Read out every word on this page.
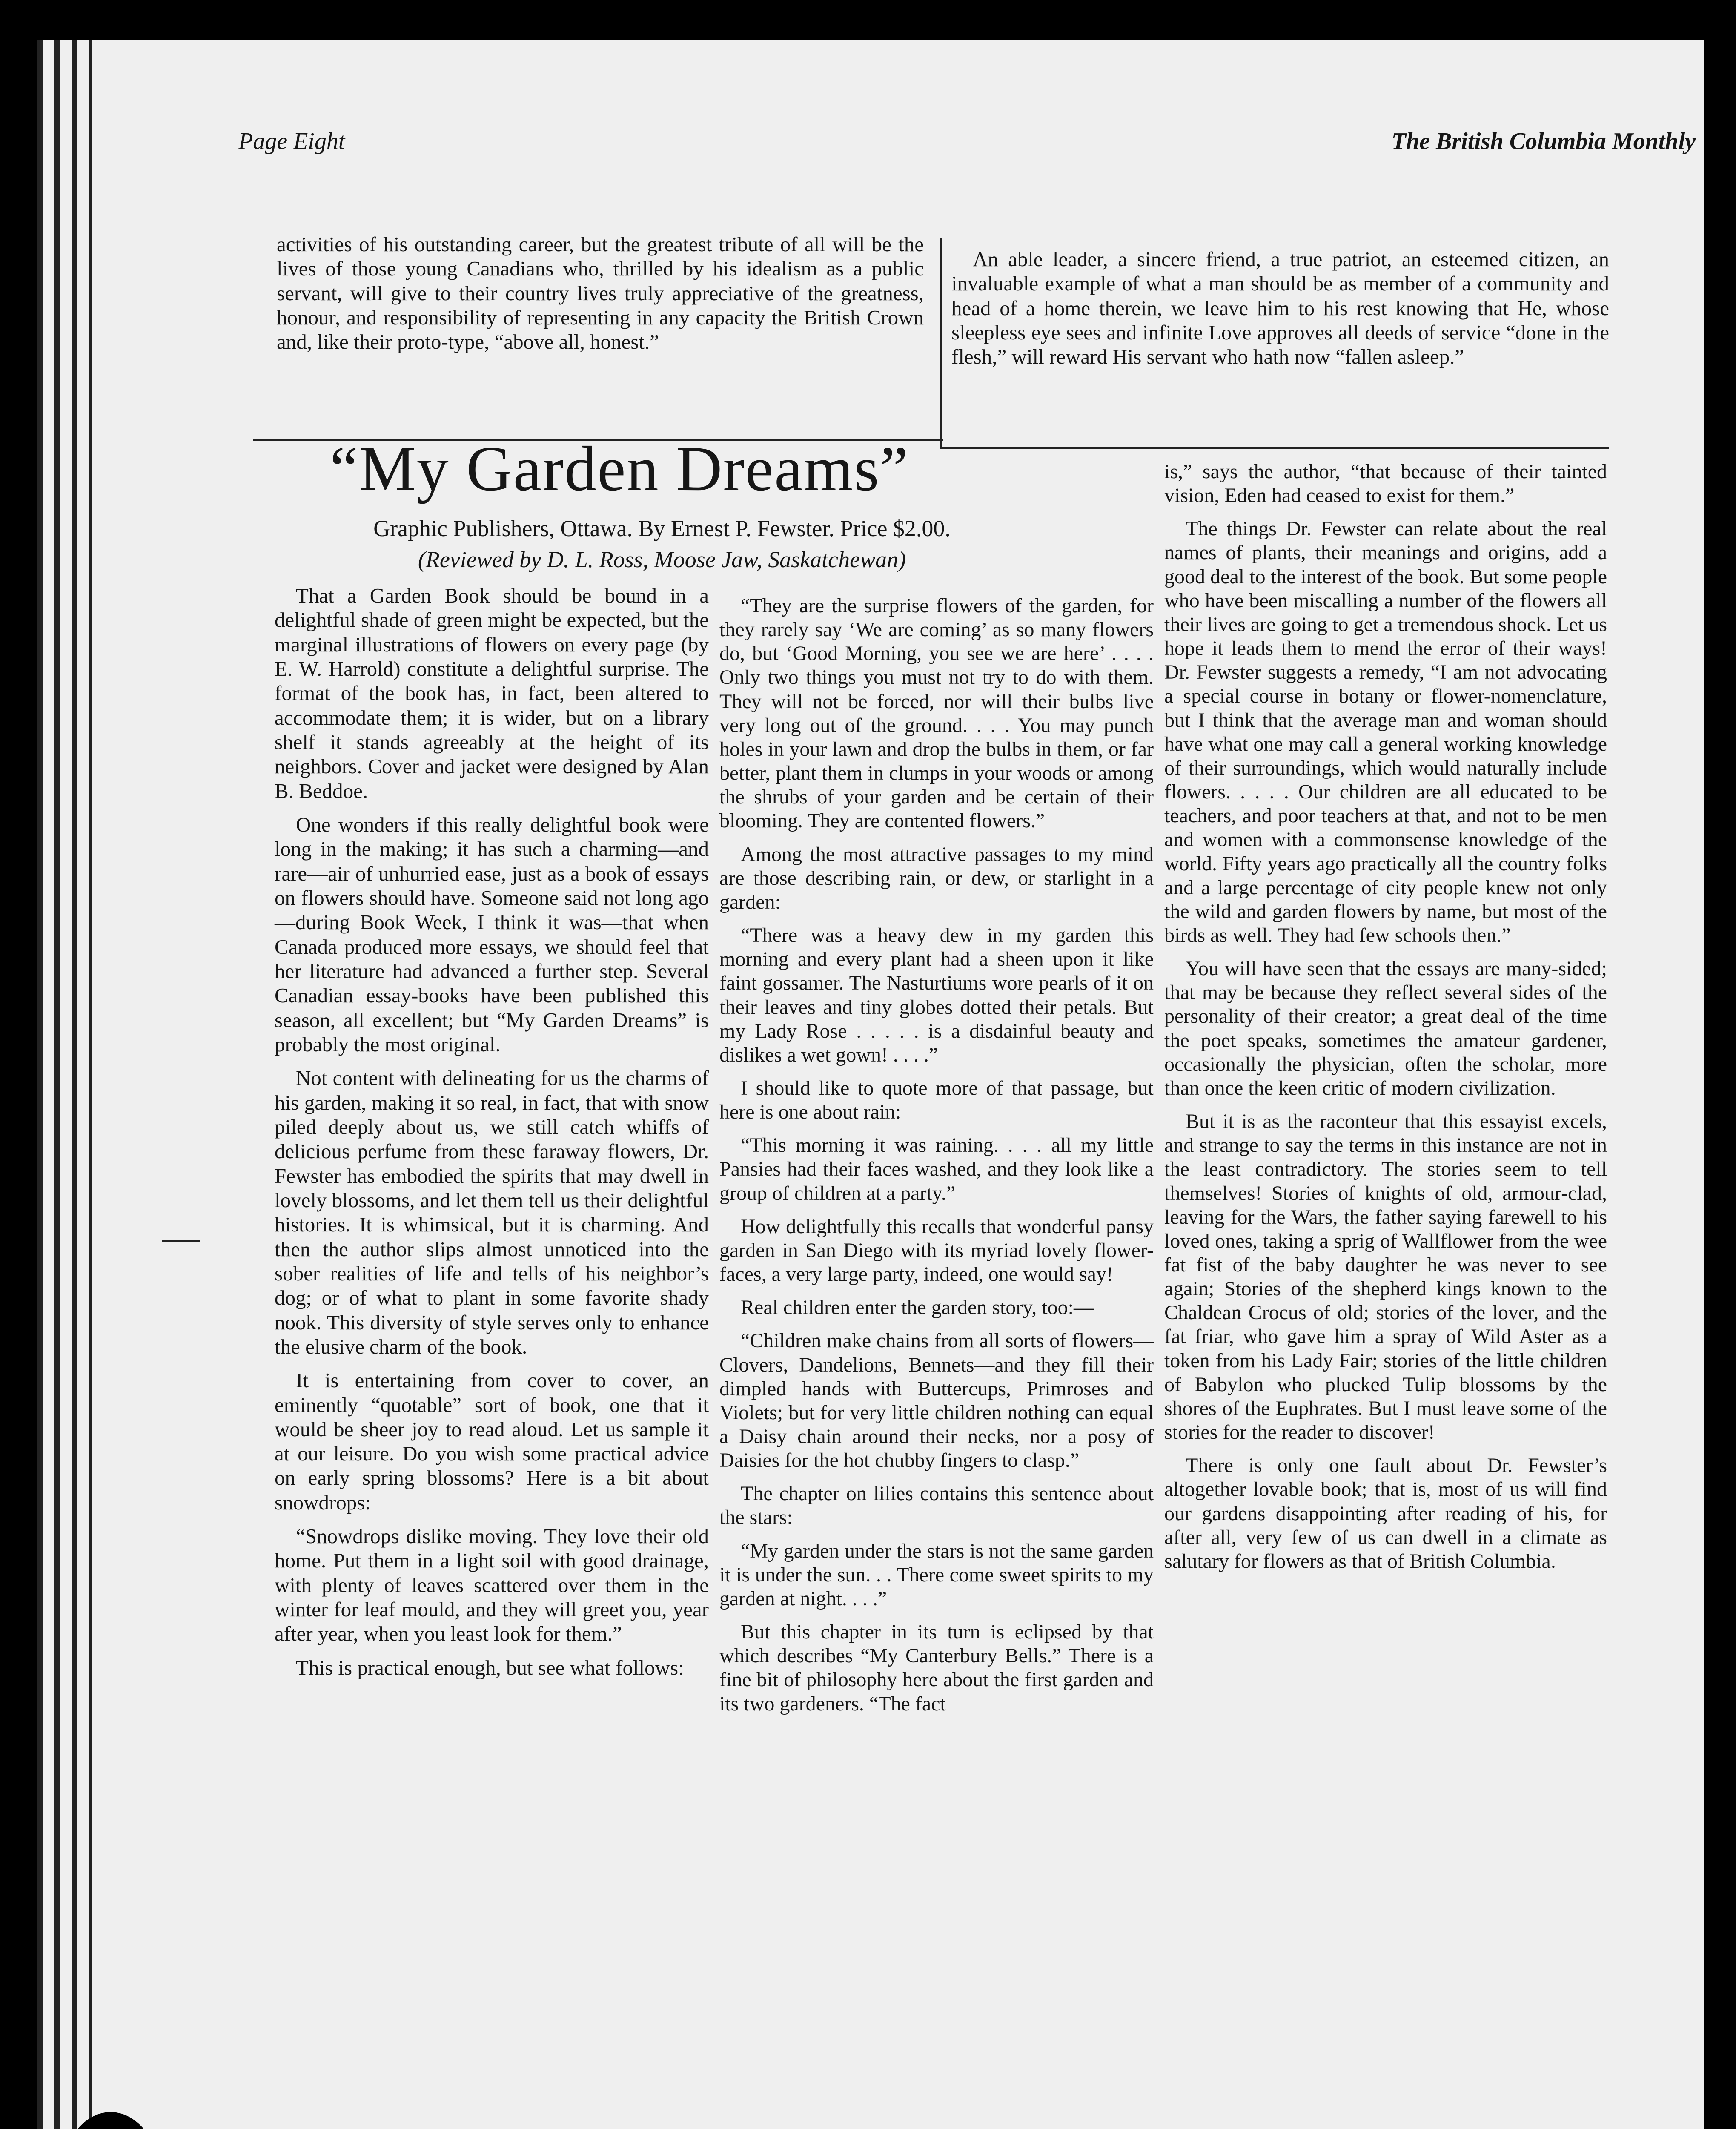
Page Eight	The British Columbia Monthly

activities of his outstanding career, but the greatest tribute of all will be the lives of those young Canadians who, thrilled by his idealism as a public servant, will give to their country lives truly appreciative of the greatness, honour, and responsibility of representing in any capacity the British Crown and, like their proto-type, “above all, honest.”

An able leader, a sincere friend, a true patriot, an esteemed citizen, an invaluable example of what a man should be as member of a community and head of a home therein, we leave him to his rest knowing that He, whose sleepless eye sees and infinite Love approves all deeds of service “done in the flesh,” will reward His servant who hath now “fallen asleep.”

“My Garden Dreams”

Graphic Publishers, Ottawa. By Ernest P. Fewster. Price $2.00.

(Reviewed by D. L. Ross, Moose Jaw, Saskatchewan)

That a Garden Book should be bound in a delightful shade of green might be expected, but the marginal illustrations of flowers on every page (by E. W. Harrold) constitute a delightful surprise. The format of the book has, in fact, been altered to accommodate them; it is wider, but on a library shelf it stands agreeably at the height of its neighbors. Cover and jacket were designed by Alan B. Beddoe.

One wonders if this really delightful book were long in the making; it has such a charming—and rare—air of unhurried ease, just as a book of essays on flowers should have. Someone said not long ago—during Book Week, I think it was—that when Canada produced more essays, we should feel that her literature had advanced a further step. Several Canadian essay-books have been published this season, all excellent; but “My Garden Dreams” is probably the most original.

Not content with delineating for us the charms of his garden, making it so real, in fact, that with snow piled deeply about us, we still catch whiffs of delicious perfume from these faraway flowers, Dr. Fewster has embodied the spirits that may dwell in lovely blossoms, and let them tell us their delightful histories. It is whimsical, but it is charming. And then the author slips almost unnoticed into the sober realities of life and tells of his neighbor’s dog; or of what to plant in some favorite shady nook. This diversity of style serves only to enhance the elusive charm of the book.

It is entertaining from cover to cover, an eminently “quotable” sort of book, one that it would be sheer joy to read aloud. Let us sample it at our leisure. Do you wish some practical advice on early spring blossoms? Here is a bit about snowdrops:

“Snowdrops dislike moving. They love their old home. Put them in a light soil with good drainage, with plenty of leaves scattered over them in the winter for leaf mould, and they will greet you, year after year, when you least look for them.”

This is practical enough, but see what follows:

“They are the surprise flowers of the garden, for they rarely say ‘We are coming’ as so many flowers do, but ‘Good Morning, you see we are here’ . . . . Only two things you must not try to do with them. They will not be forced, nor will their bulbs live very long out of the ground. . . . You may punch holes in your lawn and drop the bulbs in them, or far better, plant them in clumps in your woods or among the shrubs of your garden and be certain of their blooming. They are contented flowers.”

Among the most attractive passages to my mind are those describing rain, or dew, or starlight in a garden:

“There was a heavy dew in my garden this morning and every plant had a sheen upon it like faint gossamer. The Nasturtiums wore pearls of it on their leaves and tiny globes dotted their petals. But my Lady Rose . . . . . is a disdainful beauty and dislikes a wet gown! . . . .”

I should like to quote more of that passage, but here is one about rain:

“This morning it was raining. . . . all my little Pansies had their faces washed, and they look like a group of children at a party.”

How delightfully this recalls that wonderful pansy garden in San Diego with its myriad lovely flower-faces, a very large party, indeed, one would say!

Real children enter the garden story, too:—

“Children make chains from all sorts of flowers—Clovers, Dandelions, Bennets—and they fill their dimpled hands with Buttercups, Primroses and Violets; but for very little children nothing can equal a Daisy chain around their necks, nor a posy of Daisies for the hot chubby fingers to clasp.”

The chapter on lilies contains this sentence about the stars:

“My garden under the stars is not the same garden it is under the sun. . . There come sweet spirits to my garden at night. . . .”

But this chapter in its turn is eclipsed by that which describes “My Canterbury Bells.” There is a fine bit of philosophy here about the first garden and its two gardeners. “The fact

is,” says the author, “that because of their tainted vision, Eden had ceased to exist for them.”

The things Dr. Fewster can relate about the real names of plants, their meanings and origins, add a good deal to the interest of the book. But some people who have been miscalling a number of the flowers all their lives are going to get a tremendous shock. Let us hope it leads them to mend the error of their ways! Dr. Fewster suggests a remedy, “I am not advocating a special course in botany or flower-nomenclature, but I think that the average man and woman should have what one may call a general working knowledge of their surroundings, which would naturally include flowers. . . . . Our children are all educated to be teachers, and poor teachers at that, and not to be men and women with a commonsense knowledge of the world. Fifty years ago practically all the country folks and a large percentage of city people knew not only the wild and garden flowers by name, but most of the birds as well. They had few schools then.”

You will have seen that the essays are many-sided; that may be because they reflect several sides of the personality of their creator; a great deal of the time the poet speaks, sometimes the amateur gardener, occasionally the physician, often the scholar, more than once the keen critic of modern civilization.

But it is as the raconteur that this essayist excels, and strange to say the terms in this instance are not in the least contradictory. The stories seem to tell themselves! Stories of knights of old, armour-clad, leaving for the Wars, the father saying farewell to his loved ones, taking a sprig of Wallflower from the wee fat fist of the baby daughter he was never to see again; Stories of the shepherd kings known to the Chaldean Crocus of old; stories of the lover, and the fat friar, who gave him a spray of Wild Aster as a token from his Lady Fair; stories of the little children of Babylon who plucked Tulip blossoms by the shores of the Euphrates. But I must leave some of the stories for the reader to discover!

There is only one fault about Dr. Fewster’s altogether lovable book; that is, most of us will find our gardens disappointing after reading of his, for after all, very few of us can dwell in a climate as salutary for flowers as that of British Columbia.
